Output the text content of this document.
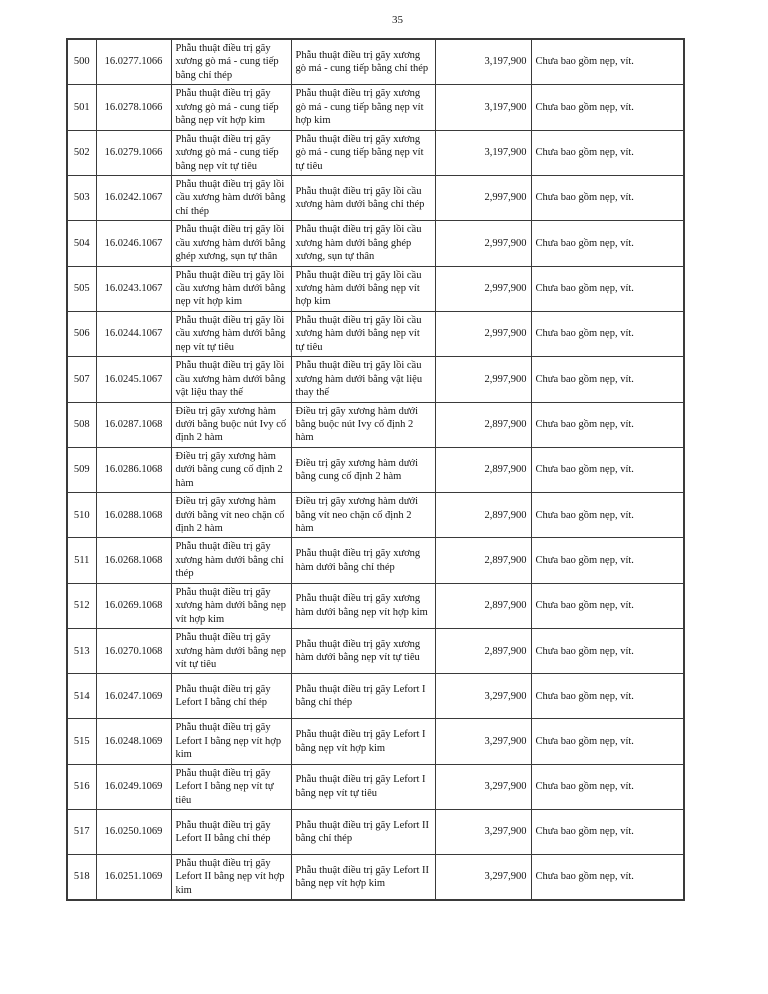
35
500	16.0277.1066	Phẫu thuật điều trị gãy xương gò má - cung tiếp bằng chỉ thép	Phẫu thuật điều trị gãy xương gò má - cung tiếp bằng chỉ thép	3,197,900	Chưa bao gồm nẹp, vít.
501	16.0278.1066	Phẫu thuật điều trị gãy xương gò má - cung tiếp bằng nẹp vít hợp kim	Phẫu thuật điều trị gãy xương gò má - cung tiếp bằng nẹp vít hợp kim	3,197,900	Chưa bao gồm nẹp, vít.
502	16.0279.1066	Phẫu thuật điều trị gãy xương gò má - cung tiếp bằng nẹp vít tự tiêu	Phẫu thuật điều trị gãy xương gò má - cung tiếp bằng nẹp vít tự tiêu	3,197,900	Chưa bao gồm nẹp, vít.
503	16.0242.1067	Phẫu thuật điều trị gãy lồi cầu xương hàm dưới bằng chỉ thép	Phẫu thuật điều trị gãy lồi cầu xương hàm dưới bằng chỉ thép	2,997,900	Chưa bao gồm nẹp, vít.
504	16.0246.1067	Phẫu thuật điều trị gãy lồi cầu xương hàm dưới bằng ghép xương, sụn tự thân	Phẫu thuật điều trị gãy lồi cầu xương hàm dưới bằng ghép xương, sụn tự thân	2,997,900	Chưa bao gồm nẹp, vít.
505	16.0243.1067	Phẫu thuật điều trị gãy lồi cầu xương hàm dưới bằng nẹp vít hợp kim	Phẫu thuật điều trị gãy lồi cầu xương hàm dưới bằng nẹp vít hợp kim	2,997,900	Chưa bao gồm nẹp, vít.
506	16.0244.1067	Phẫu thuật điều trị gãy lồi cầu xương hàm dưới bằng nẹp vít tự tiêu	Phẫu thuật điều trị gãy lồi cầu xương hàm dưới bằng nẹp vít tự tiêu	2,997,900	Chưa bao gồm nẹp, vít.
507	16.0245.1067	Phẫu thuật điều trị gãy lồi cầu xương hàm dưới bằng vật liệu thay thế	Phẫu thuật điều trị gãy lồi cầu xương hàm dưới bằng vật liệu thay thế	2,997,900	Chưa bao gồm nẹp, vít.
508	16.0287.1068	Điều trị gãy xương hàm dưới bằng buộc nút Ivy cố định 2 hàm	Điều trị gãy xương hàm dưới bằng buộc nút Ivy cố định 2 hàm	2,897,900	Chưa bao gồm nẹp, vít.
509	16.0286.1068	Điều trị gãy xương hàm dưới bằng cung cố định 2 hàm	Điều trị gãy xương hàm dưới bằng cung cố định 2 hàm	2,897,900	Chưa bao gồm nẹp, vít.
510	16.0288.1068	Điều trị gãy xương hàm dưới bằng vít neo chặn cố định 2 hàm	Điều trị gãy xương hàm dưới bằng vít neo chặn cố định 2 hàm	2,897,900	Chưa bao gồm nẹp, vít.
511	16.0268.1068	Phẫu thuật điều trị gãy xương hàm dưới bằng chỉ thép	Phẫu thuật điều trị gãy xương hàm dưới bằng chỉ thép	2,897,900	Chưa bao gồm nẹp, vít.
512	16.0269.1068	Phẫu thuật điều trị gãy xương hàm dưới bằng nẹp vít hợp kim	Phẫu thuật điều trị gãy xương hàm dưới bằng nẹp vít hợp kim	2,897,900	Chưa bao gồm nẹp, vít.
513	16.0270.1068	Phẫu thuật điều trị gãy xương hàm dưới bằng nẹp vít tự tiêu	Phẫu thuật điều trị gãy xương hàm dưới bằng nẹp vít tự tiêu	2,897,900	Chưa bao gồm nẹp, vít.
514	16.0247.1069	Phẫu thuật điều trị gãy Lefort I bằng chỉ thép	Phẫu thuật điều trị gãy Lefort I bằng chỉ thép	3,297,900	Chưa bao gồm nẹp, vít.
515	16.0248.1069	Phẫu thuật điều trị gãy Lefort I bằng nẹp vít hợp kim	Phẫu thuật điều trị gãy Lefort I bằng nẹp vít hợp kim	3,297,900	Chưa bao gồm nẹp, vít.
516	16.0249.1069	Phẫu thuật điều trị gãy Lefort I bằng nẹp vít tự tiêu	Phẫu thuật điều trị gãy Lefort I bằng nẹp vít tự tiêu	3,297,900	Chưa bao gồm nẹp, vít.
517	16.0250.1069	Phẫu thuật điều trị gãy Lefort II bằng chỉ thép	Phẫu thuật điều trị gãy Lefort II bằng chỉ thép	3,297,900	Chưa bao gồm nẹp, vít.
518	16.0251.1069	Phẫu thuật điều trị gãy Lefort II bằng nẹp vít hợp kim	Phẫu thuật điều trị gãy Lefort II bằng nẹp vít hợp kim	3,297,900	Chưa bao gồm nẹp, vít.
